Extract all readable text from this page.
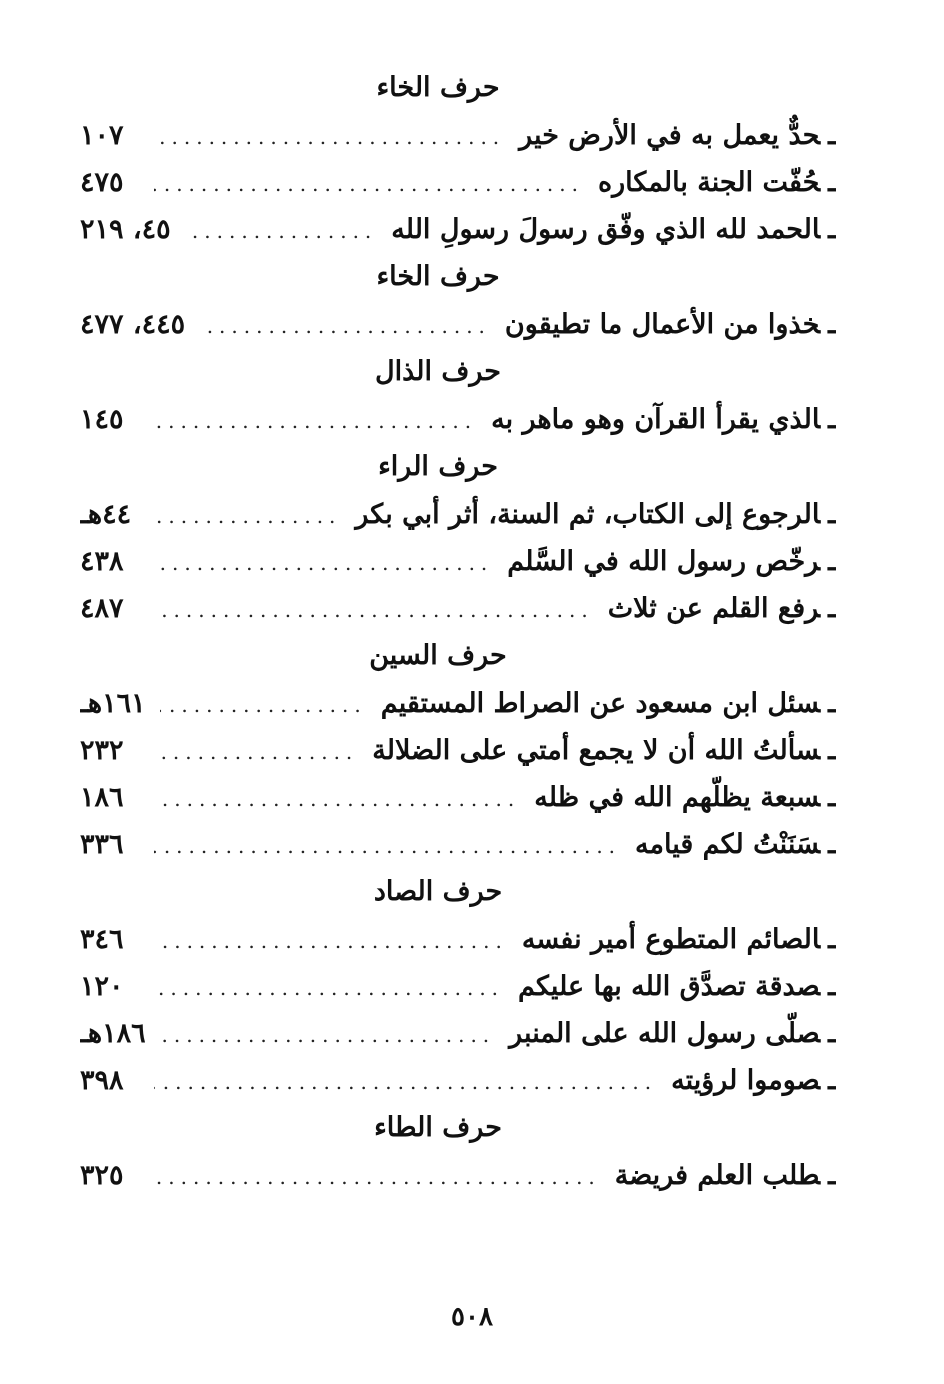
حرف الخاء
ـحدٌّ يعمل به في الأرض خير
.....
١٠٧
ـحُفّت الجنة بالمكاره
.....
٤٧٥
ـالحمد لله الذي وفّق رسولَ رسولِ الله
.....
٤٥، ٢١٩
حرف الخاء
ـخذوا من الأعمال ما تطيقون
.....
٤٤٥، ٤٧٧
حرف الذال
ـالذي يقرأ القرآن وهو ماهر به
.....
١٤٥
حرف الراء
ـالرجوع إلى الكتاب، ثم السنة، أثر أبي بكر
.....
٤٤هـ
ـرخّص رسول الله في السَّلم
.....
٤٣٨
ـرفع القلم عن ثلاث
.....
٤٨٧
حرف السين
ـسئل ابن مسعود عن الصراط المستقيم
.....
١٦١هـ
ـسألتُ الله أن لا يجمع أمتي على الضلالة
.....
٢٣٢
ـسبعة يظلّهم الله في ظله
.....
١٨٦
ـسَنَنْتُ لكم قيامه
.....
٣٣٦
حرف الصاد
ـالصائم المتطوع أمير نفسه
.....
٣٤٦
ـصدقة تصدَّق الله بها عليكم
.....
١٢٠
ـصلّى رسول الله على المنبر
.....
١٨٦هـ
ـصوموا لرؤيته
.....
٣٩٨
حرف الطاء
ـطلب العلم فريضة
.....
٣٢٥
٥٠٨
